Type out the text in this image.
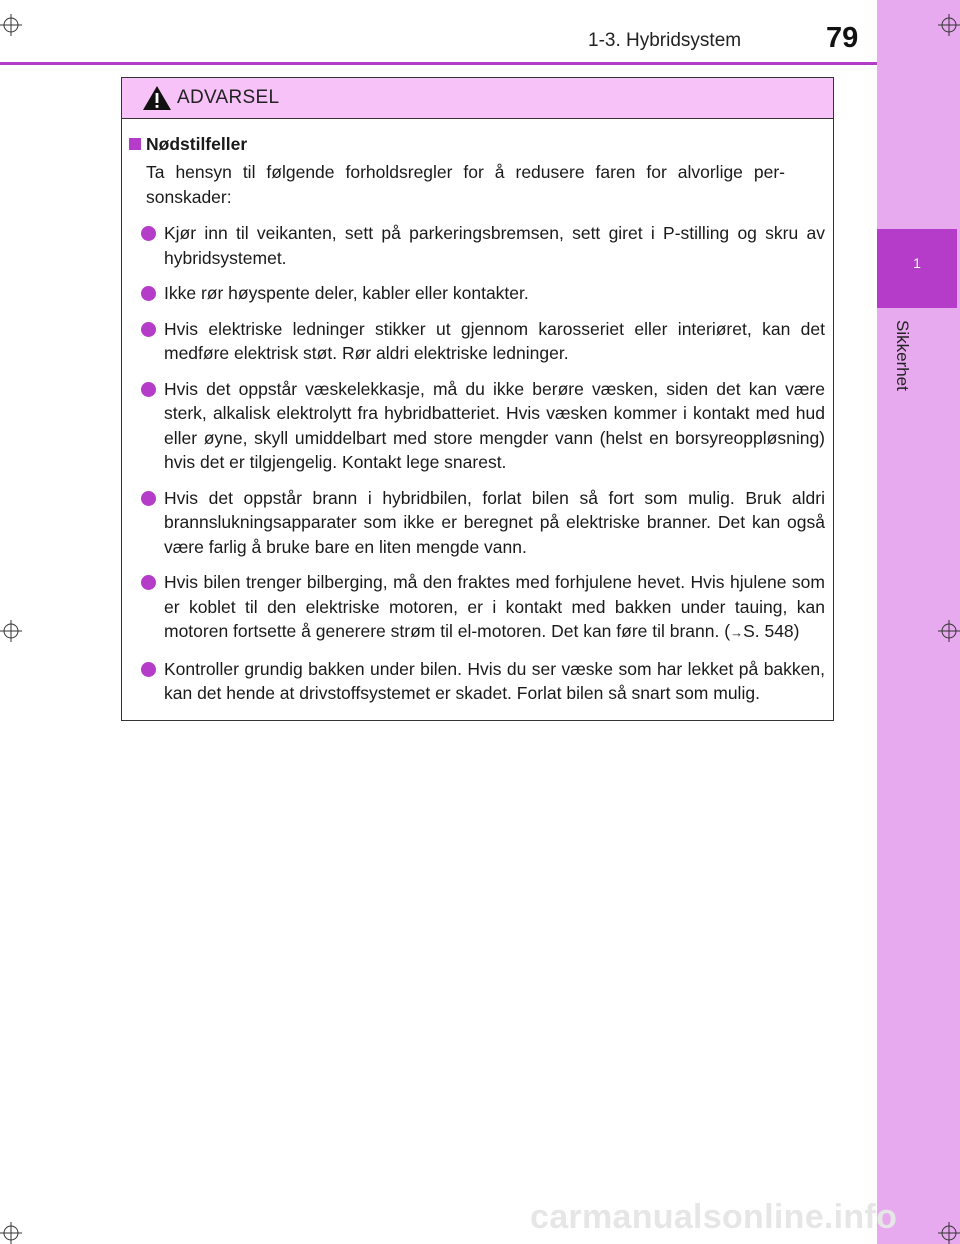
1-3. Hybridsystem	79
1
Sikkerhet
ADVARSEL
Nødstilfeller
Ta hensyn til følgende forholdsregler for å redusere faren for alvorlige per-sonskader:
Kjør inn til veikanten, sett på parkeringsbremsen, sett giret i P-stilling og skru av hybridsystemet.
Ikke rør høyspente deler, kabler eller kontakter.
Hvis elektriske ledninger stikker ut gjennom karosseriet eller interiøret, kan det medføre elektrisk støt. Rør aldri elektriske ledninger.
Hvis det oppstår væskelekkasje, må du ikke berøre væsken, siden det kan være sterk, alkalisk elektrolytt fra hybridbatteriet. Hvis væsken kommer i kontakt med hud eller øyne, skyll umiddelbart med store mengder vann (helst en borsyreoppløsning) hvis det er tilgjengelig. Kontakt lege snarest.
Hvis det oppstår brann i hybridbilen, forlat bilen så fort som mulig. Bruk aldri brannslukningsapparater som ikke er beregnet på elektriske branner. Det kan også være farlig å bruke bare en liten mengde vann.
Hvis bilen trenger bilberging, må den fraktes med forhjulene hevet. Hvis hjulene som er koblet til den elektriske motoren, er i kontakt med bakken under tauing, kan motoren fortsette å generere strøm til el-motoren. Det kan føre til brann. (→S. 548)
Kontroller grundig bakken under bilen. Hvis du ser væske som har lekket på bakken, kan det hende at drivstoffsystemet er skadet. Forlat bilen så snart som mulig.
carmanualsonline.info
